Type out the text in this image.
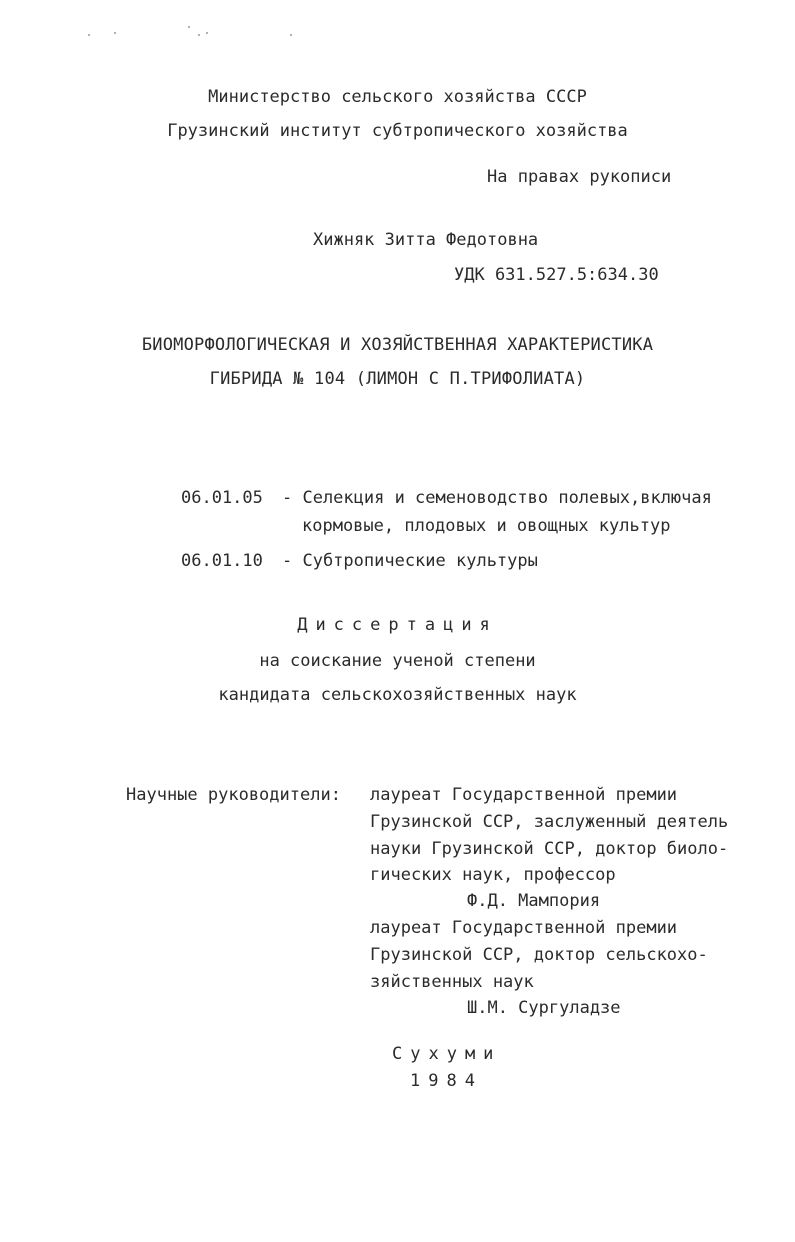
Министерство сельского хозяйства СССР
Грузинский институт субтропического хозяйства
На правах рукописи
Хижняк Зитта Федотовна
УДК 631.527.5:634.30
БИОМОРФОЛОГИЧЕСКАЯ И ХОЗЯЙСТВЕННАЯ ХАРАКТЕРИСТИКА
ГИБРИДА № 104 (ЛИМОН С П.ТРИФОЛИАТА)
06.01.05 - Селекция и семеноводство полевых,включая
кормовые, плодовых и овощных культур
06.01.10 - Субтропические культуры
Диссертация
на соискание ученой степени
кандидата сельскохозяйственных наук
Научные руководители: лауреат Государственной премии
Грузинской ССР, заслуженный деятель
науки Грузинской ССР, доктор биоло-
гических наук, профессор
Ф.Д. Мампория
лауреат Государственной премии
Грузинской ССР, доктор сельскохо-
зяйственных наук
Ш.М. Сургуладзе
Сухуми
1984
